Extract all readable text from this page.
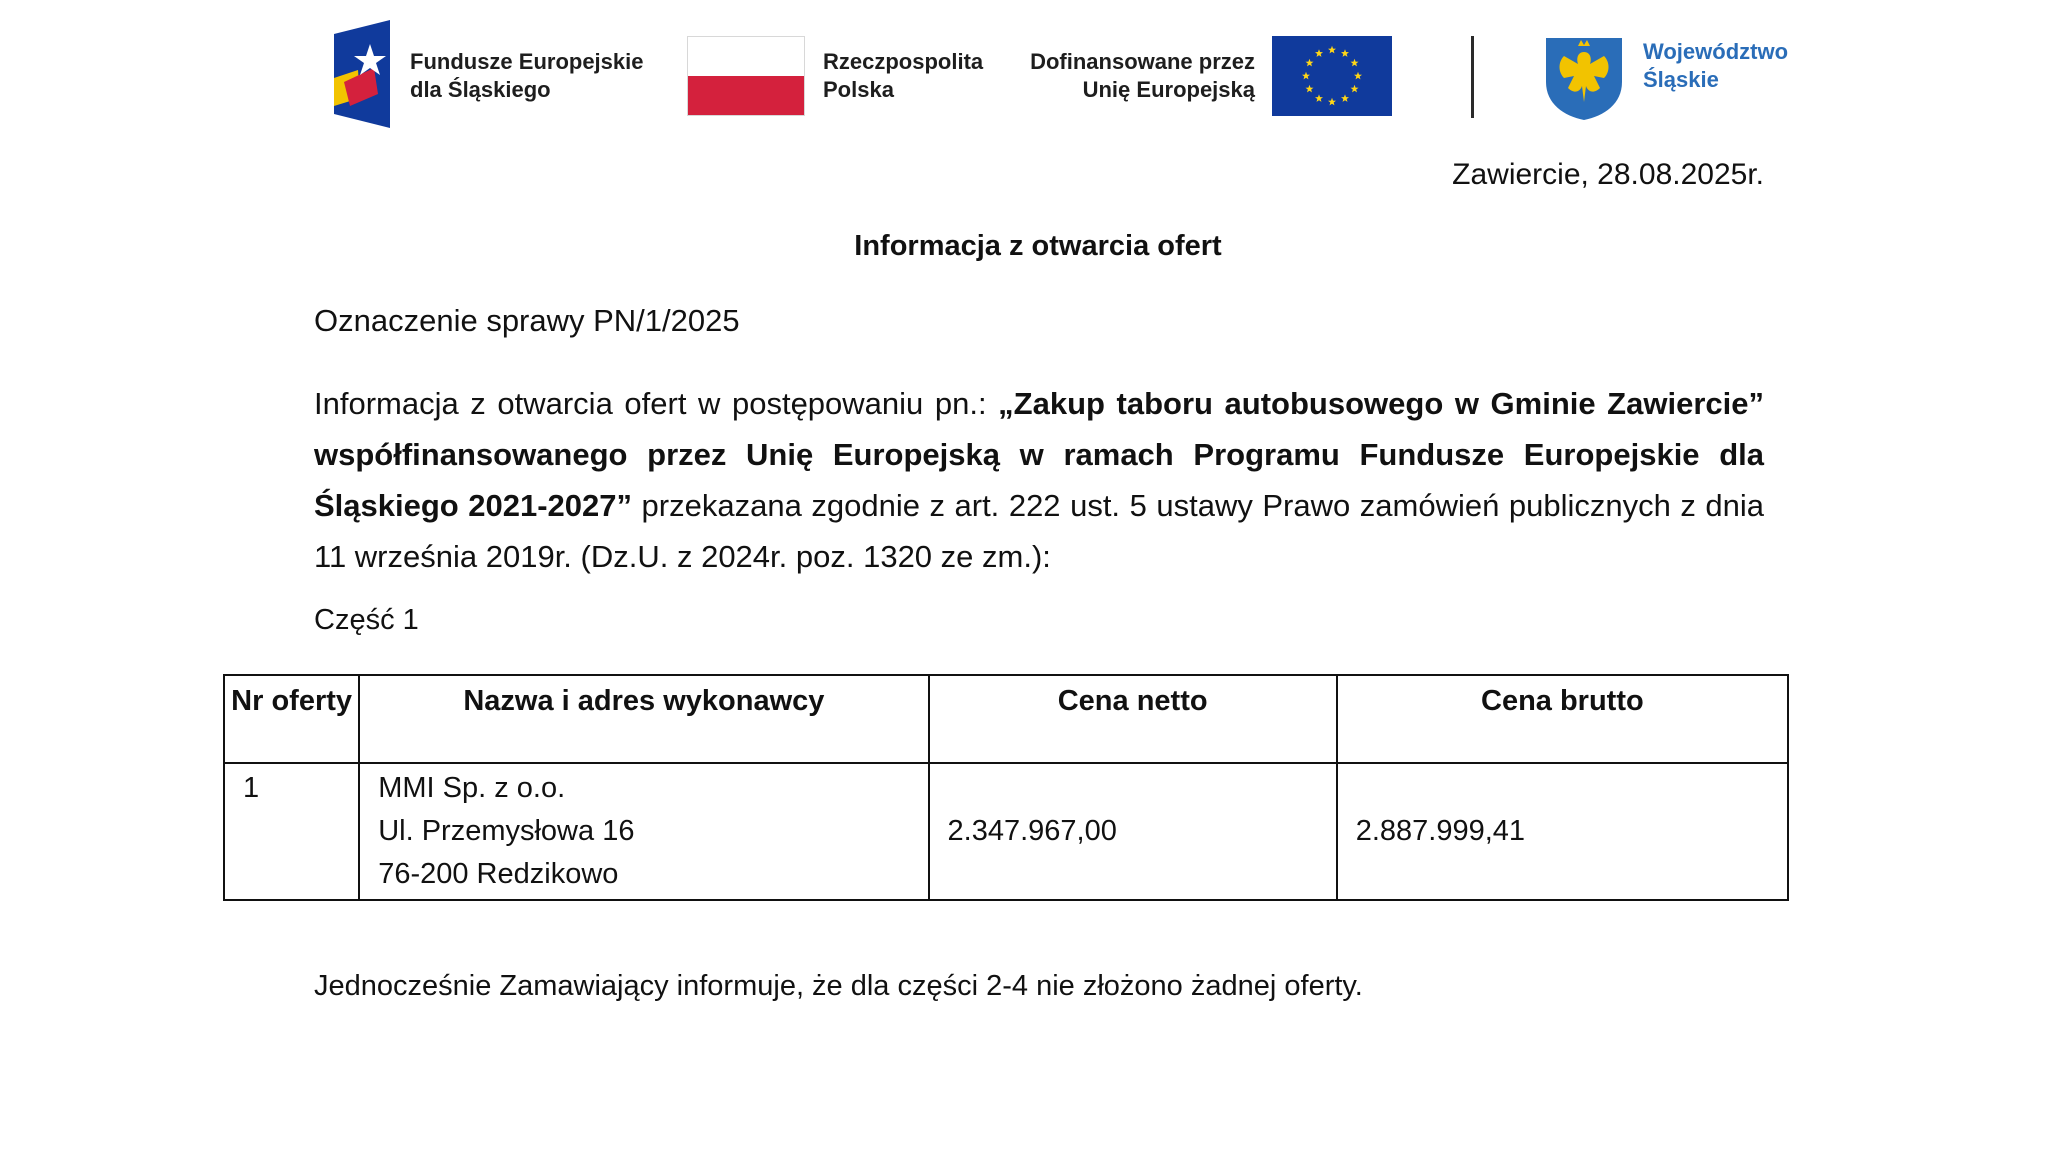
Fundusze Europejskie
dla Śląskiego
Rzeczpospolita
Polska
Dofinansowane przez
Unię Europejską
Województwo
Śląskie
Zawiercie, 28.08.2025r.
Informacja z otwarcia ofert
Oznaczenie sprawy PN/1/2025
Informacja z otwarcia ofert w postępowaniu pn.: „Zakup taboru autobusowego w Gminie Zawiercie” współfinansowanego przez Unię Europejską w ramach Programu Fundusze Europejskie dla Śląskiego 2021-2027” przekazana zgodnie z art. 222 ust. 5 ustawy Prawo zamówień publicznych z dnia 11 września 2019r. (Dz.U. z 2024r. poz. 1320 ze zm.):
Część 1
Nr oferty	Nazwa i adres wykonawcy	Cena netto	Cena brutto
1	MMI Sp. z o.o.
Ul. Przemysłowa 16
76-200 Redzikowo	2.347.967,00	2.887.999,41
Jednocześnie Zamawiający informuje, że dla części 2-4 nie złożono żadnej oferty.
